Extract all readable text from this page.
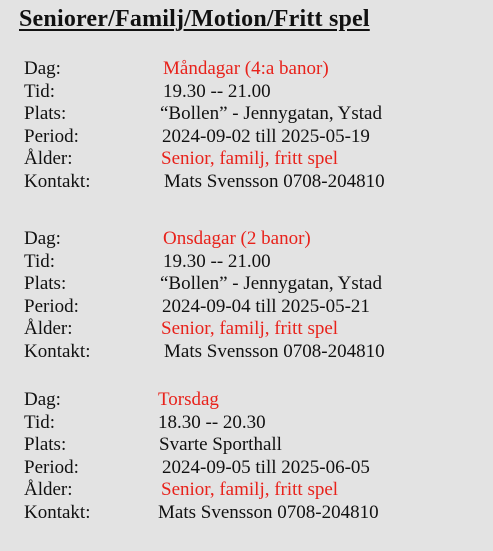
Seniorer/Familj/Motion/Fritt spel
Dag:	Måndagar (4:a banor)
Tid:	19.30 -- 21.00
Plats:	“Bollen” - Jennygatan, Ystad
Period:	2024-09-02 till 2025-05-19
Ålder:	Senior, familj, fritt spel
Kontakt:	Mats Svensson 0708-204810
Dag:	Onsdagar (2 banor)
Tid:	19.30 -- 21.00
Plats:	“Bollen” - Jennygatan, Ystad
Period:	2024-09-04 till 2025-05-21
Ålder:	Senior, familj, fritt spel
Kontakt:	Mats Svensson 0708-204810
Dag:	Torsdag
Tid:	18.30 -- 20.30
Plats:	Svarte Sporthall
Period:	2024-09-05 till 2025-06-05
Ålder:	Senior, familj, fritt spel
Kontakt:	Mats Svensson 0708-204810
